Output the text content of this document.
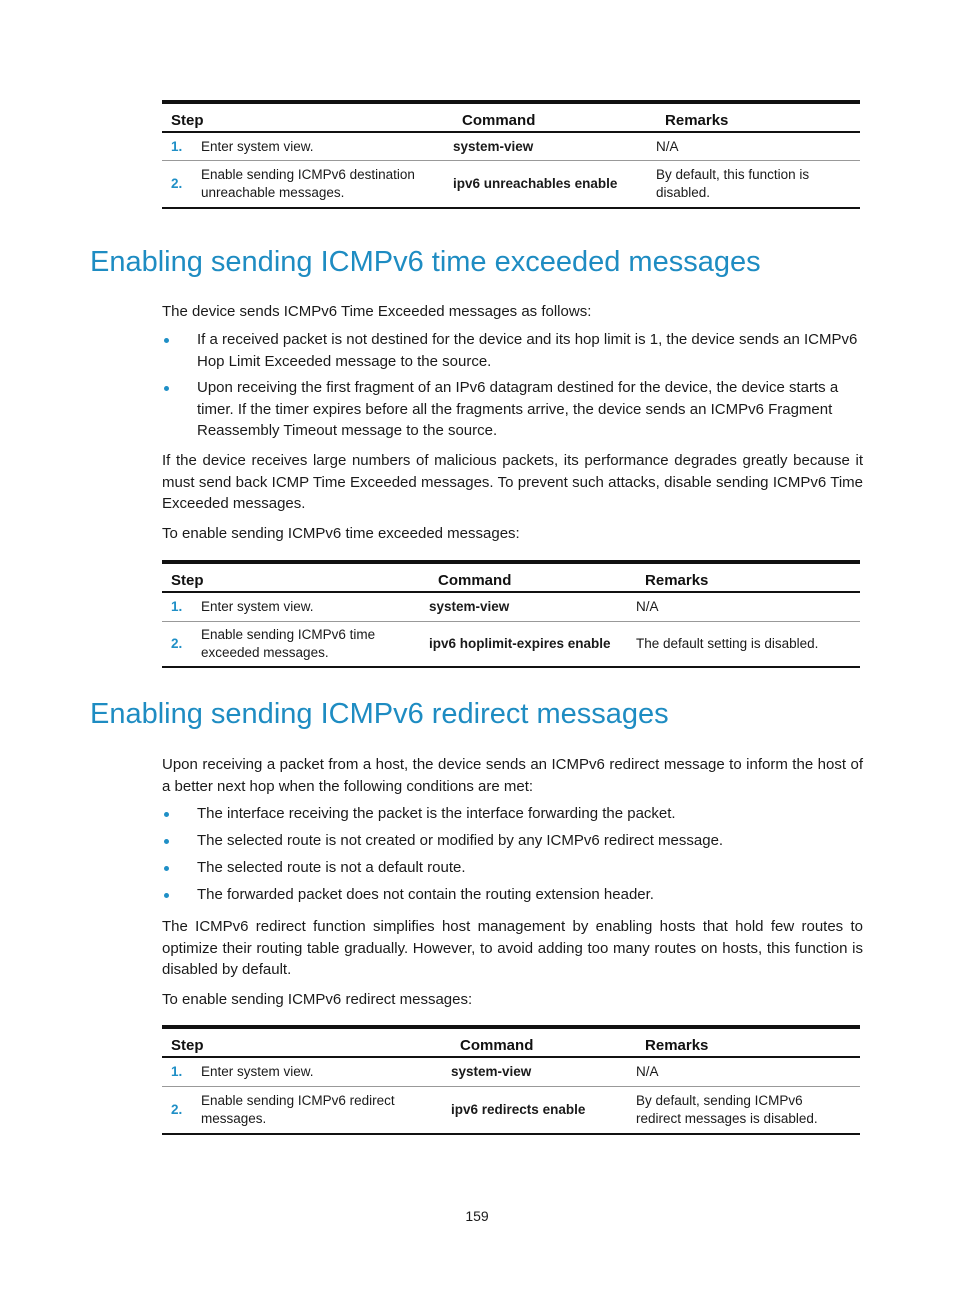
Step		Command	Remarks
1.	Enter system view.	system-view	N/A
2.	Enable sending ICMPv6 destination unreachable messages.	ipv6 unreachables enable	By default, this function is disabled.
Enabling sending ICMPv6 time exceeded messages

The device sends ICMPv6 Time Exceeded messages as follows:

If a received packet is not destined for the device and its hop limit is 1, the device sends an ICMPv6 Hop Limit Exceeded message to the source.
Upon receiving the first fragment of an IPv6 datagram destined for the device, the device starts a timer. If the timer expires before all the fragments arrive, the device sends an ICMPv6 Fragment Reassembly Timeout message to the source.

If the device receives large numbers of malicious packets, its performance degrades greatly because it must send back ICMP Time Exceeded messages. To prevent such attacks, disable sending ICMPv6 Time Exceeded messages.

To enable sending ICMPv6 time exceeded messages:

Step		Command	Remarks
1.	Enter system view.	system-view	N/A
2.	Enable sending ICMPv6 time exceeded messages.	ipv6 hoplimit-expires enable	The default setting is disabled.
Enabling sending ICMPv6 redirect messages

Upon receiving a packet from a host, the device sends an ICMPv6 redirect message to inform the host of a better next hop when the following conditions are met:

The interface receiving the packet is the interface forwarding the packet.
The selected route is not created or modified by any ICMPv6 redirect message.
The selected route is not a default route.
The forwarded packet does not contain the routing extension header.

The ICMPv6 redirect function simplifies host management by enabling hosts that hold few routes to optimize their routing table gradually. However, to avoid adding too many routes on hosts, this function is disabled by default.

To enable sending ICMPv6 redirect messages:

Step		Command	Remarks
1.	Enter system view.	system-view	N/A
2.	Enable sending ICMPv6 redirect messages.	ipv6 redirects enable	By default, sending ICMPv6 redirect messages is disabled.
159
